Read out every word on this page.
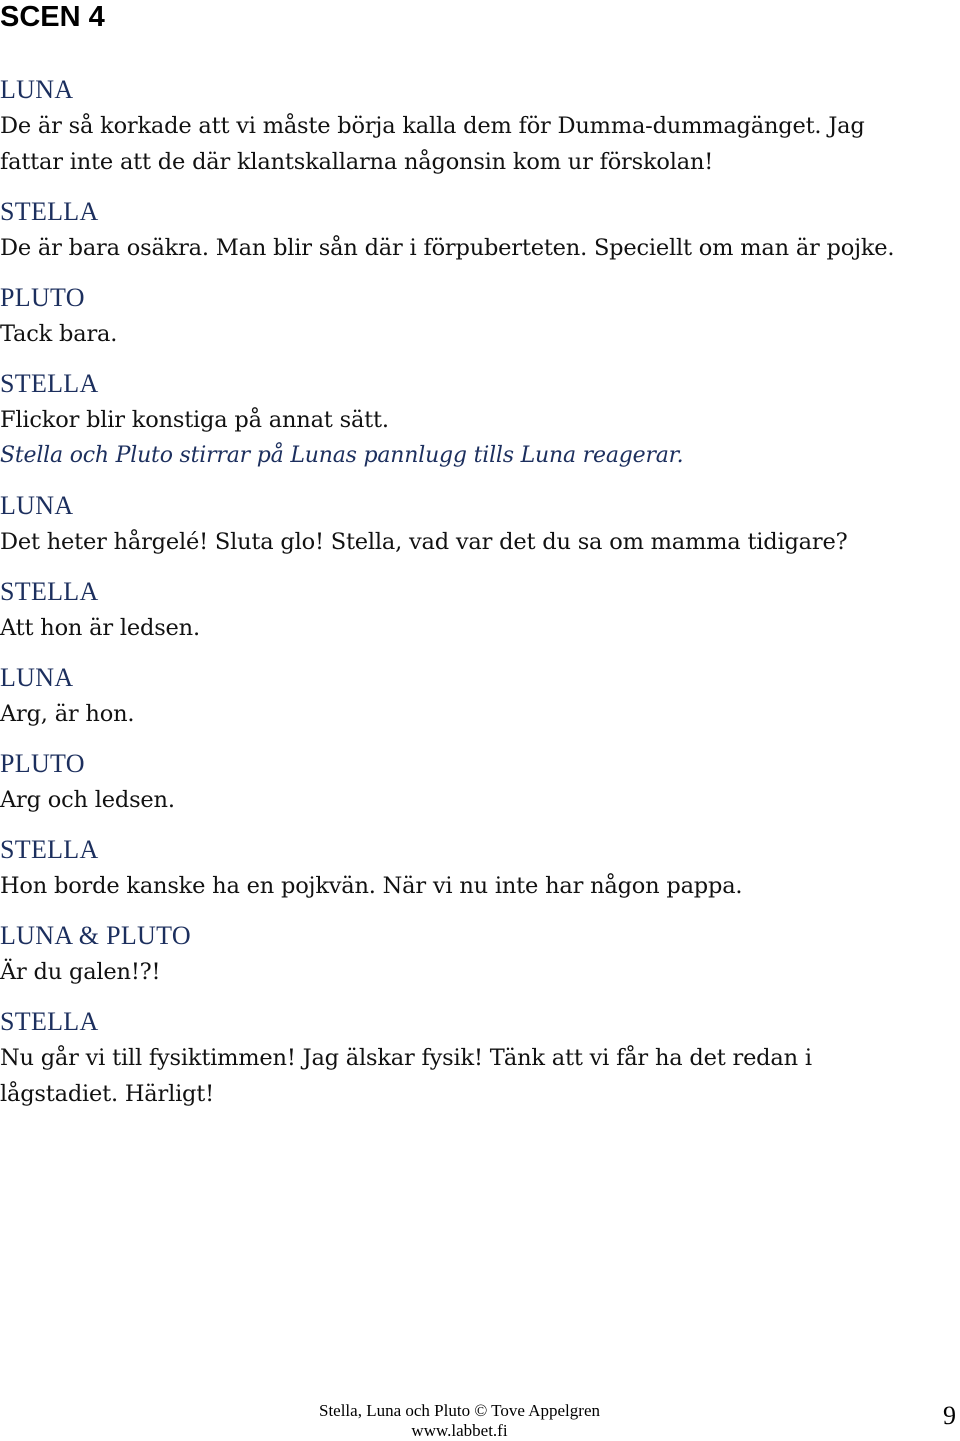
SCEN 4
LUNA
De är så korkade att vi måste börja kalla dem för Dumma-dummagänget. Jag fattar inte att de där klantskallarna någonsin kom ur förskolan!
STELLA
De är bara osäkra. Man blir sån där i förpuberteten. Speciellt om man är pojke.
PLUTO
Tack bara.
STELLA
Flickor blir konstiga på annat sätt.
Stella och Pluto stirrar på Lunas pannlugg tills Luna reagerar.
LUNA
Det heter hårgelé! Sluta glo! Stella, vad var det du sa om mamma tidigare?
STELLA
Att hon är ledsen.
LUNA
Arg, är hon.
PLUTO
Arg och ledsen.
STELLA
Hon borde kanske ha en pojkvän. När vi nu inte har någon pappa.
LUNA & PLUTO
Är du galen!?!
STELLA
Nu går vi till fysiktimmen! Jag älskar fysik! Tänk att vi får ha det redan i lågstadiet. Härligt!
Stella, Luna och Pluto © Tove Appelgren
www.labbet.fi
9
